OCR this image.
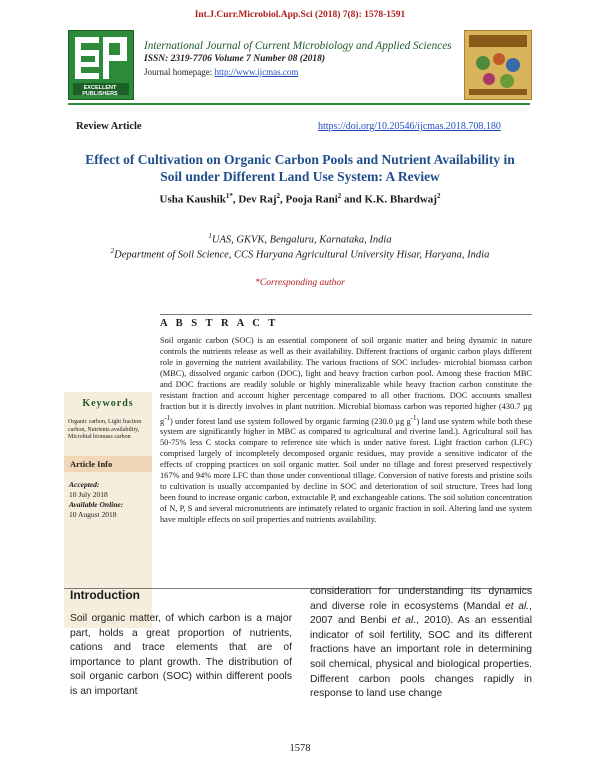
Int.J.Curr.Microbiol.App.Sci (2018) 7(8): 1578-1591
EXCELLENT PUBLISHERS
International Journal of Current Microbiology and Applied Sciences
ISSN: 2319-7706 Volume 7 Number 08 (2018)
Journal homepage: http://www.ijcmas.com
Review Article	https://doi.org/10.20546/ijcmas.2018.708.180
Effect of Cultivation on Organic Carbon Pools and Nutrient Availability in
Soil under Different Land Use System: A Review
Usha Kaushik$^{1*}$, Dev Raj$^2$, Pooja Rani$^2$ and K.K. Bhardwaj$^2$
$^1$UAS, GKVK, Bengaluru, Karnataka, India
$^2$Department of Soil Science, CCS Haryana Agricultural University Hisar, Haryana, India
*Corresponding author
A B S T R A C T
Keywords
Organic carbon, Light fraction carbon, Nutrients availability, Microbial biomass carbon
Article Info
Accepted:
10 July 2018
Available Online:
10 August 2018
Soil organic carbon (SOC) is an essential component of soil organic matter and being dynamic in nature controls the nutrients release as well as their availability. Different fractions of organic carbon plays different role in governing the nutrient availability. The various fractions of SOC includes- microbial biomass carbon (MBC), dissolved organic carbon (DOC), light and heavy fraction carbon pool. Among these fraction MBC and DOC fractions are readily soluble or highly mineralizable while heavy fraction carbon constitute the resistant fraction and account higher percentage compared to all other fractions. DOC accounts smallest fraction but it is directly involves in plant nutrition. Microbial biomass carbon was reported higher (430.7 µg $g^{-1}$) under forest land use system followed by organic farming (230.0 µg $g^{-1}$) land use system while both these system are significantly higher in MBC as compared to agricultural and riverine land.). Agricultural soil has 50-75% less C stocks compare to reference site which is under native forest. Light fraction carbon (LFC) comprised largely of incompletely decomposed organic residues, may provide a sensitive indicator of the effects of cropping practices on soil organic matter. Soil under no tillage and forest preserved respectively 167% and 94% more LFC than those under conventional tillage. Conversion of native forests and pristine soils to cultivation is usually accompanied by decline in SOC and deterioration of soil structure. Trees had long been found to increase organic carbon, extractable P, and exchangeable cations. The soil solution concentration of N, P, S and several micronutrients are intimately related to organic fraction in soil. Altering land use system have multiple effects on soil properties and nutrients availability.
Introduction
Soil organic matter, of which carbon is a major part, holds a great proportion of nutrients, cations and trace elements that are of importance to plant growth. The distribution of soil organic carbon (SOC) within different pools is an important
consideration for understanding its dynamics and diverse role in ecosystems (Mandal et al., 2007 and Benbi et al., 2010). As an essential indicator of soil fertility, SOC and its different fractions have an important role in determining soil chemical, physical and biological properties. Different carbon pools changes rapidly in response to land use change
1578
